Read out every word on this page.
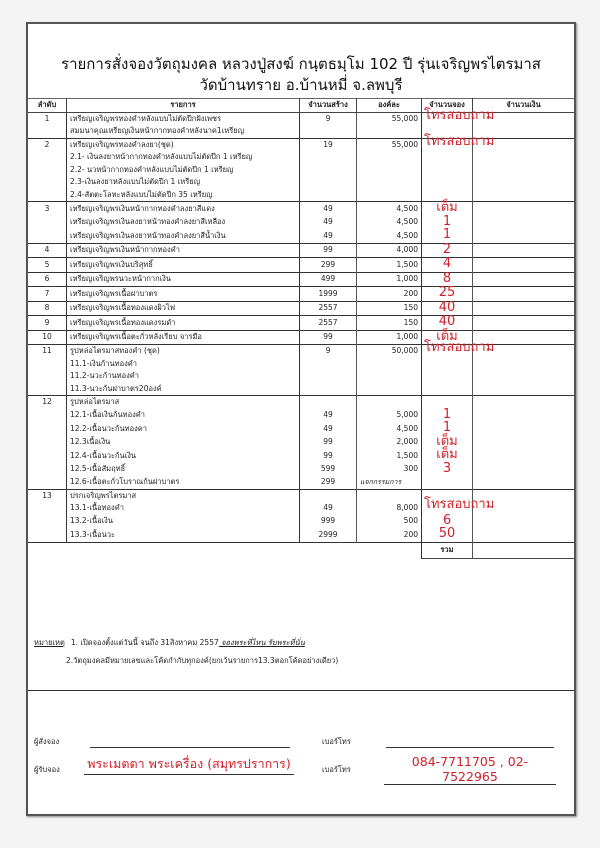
รายการสั่งจองวัตถุมงคล หลวงปู่สงฆ์ กนฺตธมฺโม 102 ปี รุ่นเจริญพรไตรมาส
วัดบ้านทราย อ.บ้านหมี่ จ.ลพบุรี
ลำดับ	รายการ	จำนวนสร้าง	องค์ละ	จำนวนจอง	จำนวนเงิน
1	เหรียญเจริญพรทองคำหลังแบบไม่ตัดปีกฝังเพชร	9	55,000	โทรสอบถาม	

	สมมนาคุณเหรียญเงินหน้ากากทองคำหลังนาค1เหรียญ				
2	เหรียญเจริญพรทองคำลงยา(ชุด)	19	55,000	โทรสอบถาม	

	2.1- เงินลงยาหน้ากากทองคำหลังแบบไม่ตัดปีก 1 เหรียญ				
	2.2- นวหน้ากากทองคำหลังแบบไม่ตัดปีก 1 เหรียญ				
	2.3-เงินลงยาหลังแบบไม่ตัดปีก 1 เหรียญ				
	2.4-สัตตะโลหะหลังแบบไม่ตัดปีก 35 เหรียญ				
3	เหรียญเจริญพรเงินหน้ากากทองคำลงยาสีแดง	49	4,500	เต็ม	
	เหรียญเจริญพรเงินลงยาหน้าทองคำลงยาสีเหลือง	49	4,500	1	
	เหรียญเจริญพรเงินลงยาหน้าทองคำลงยาสีน้ำเงิน	49	4,500	1	
4	เหรียญเจริญพรเงินหน้ากากทองคำ	99	4,000	2	
5	เหรียญเจริญพรเงินบริสุทธิ์	299	1,500	4	
6	เหรียญเจริญพรนวะหน้ากากเงิน	499	1,000	8	
7	เหรียญเจริญพรเนื้อฝาบาตร	1999	200	25	
8	เหรียญเจริญพรเนื้อทองแดงผิวไฟ	2557	150	40	
9	เหรียญเจริญพรเนื้อทองแดงรมดำ	2557	150	40	
10	เหรียญเจริญพรเนื้อตะกั่วหลังเรียบ จารมือ	99	1,000	เต็ม	
11	รูปหล่อไตรมาสทองคำ (ชุด)	9	50,000	โทรสอบถาม	

	11.1-เงินก้านทองคำ				
	11.2-นวะก้านทองคำ				
	11.3-นวะก้นฝาบาตร20องค์				
12	รูปหล่อไตรมาส				
	12.1-เนื้อเงินก้นทองคำ	49	5,000	1	
	12.2-เนื้อนวะก้นทองคา	49	4,500	1	
	12.3เนื้อเงิน	99	2,000	เต็ม	
	12.4-เนื้อนวะก้นเงิน	99	1,500	เต็ม	
	12.5-เนื้อสัมฤทธิ์	599	300	3	
	12.6-เนื้อตะกั่วโบราณก้นฝาบาตร	299	แจกกรรมการ		
13	ปรกเจริญพรไตรมาส				
	13.1-เนื้อทองคำ	49	8,000	โทรสอบถาม	

	13.2-เนื้อเงิน	999	500	6	
	13.3-เนื้อนวะ	2999	200	50	
				รวม	
หมายเหตุ 1. เปิดจองตั้งแต่วันนี้ จนถึง 31สิงหาคม 2557 จองพระที่ไหน รับพระที่นั่น
2.วัตถุมงคลมีหมายเลขและโค้ดกำกับทุกองค์(ยกเว้นรายการ13.3ตอกโค้ดอย่างเดียว)
ผู้สั่งจอง	เบอร์โทร
ผู้รับจอง พระเมตตา พระเครื่อง (สมุทรปราการ)	เบอร์โทร
084-7711705 , 02-7522965
